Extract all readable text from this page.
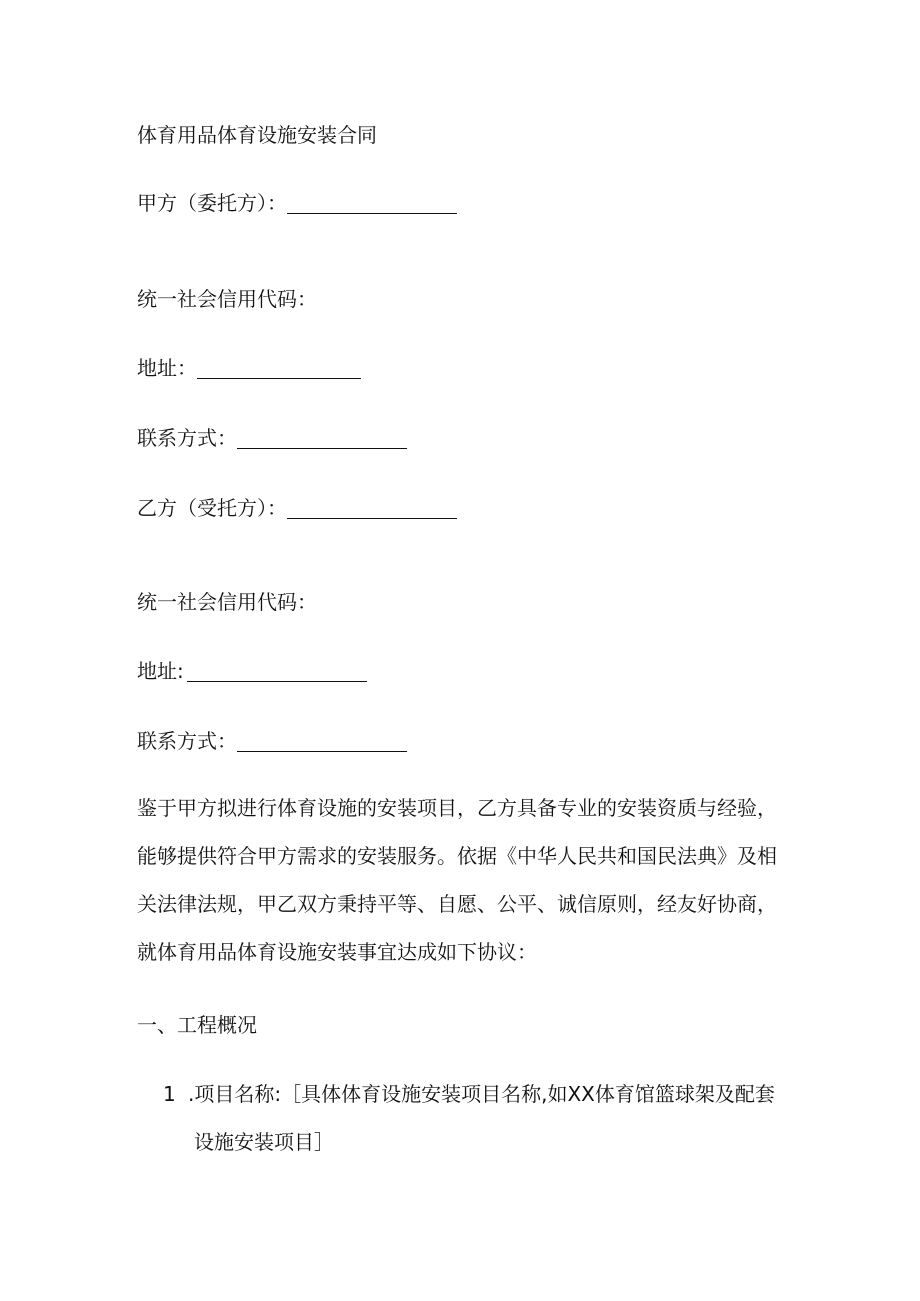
体育用品体育设施安装合同
甲方（委托方）：
统一社会信用代码：
地址：
联系方式：
乙方（受托方）：
统一社会信用代码：
地址:
联系方式：
鉴于甲方拟进行体育设施的安装项目，乙方具备专业的安装资质与经验，
能够提供符合甲方需求的安装服务。依据《中华人民共和国民法典》及相
关法律法规，甲乙双方秉持平等、自愿、公平、诚信原则，经友好协商，
就体育用品体育设施安装事宜达成如下协议：
一、工程概况
1 .项目名称:［具体体育设施安装项目名称,如XX体育馆篮球架及配套
设施安装项目］
